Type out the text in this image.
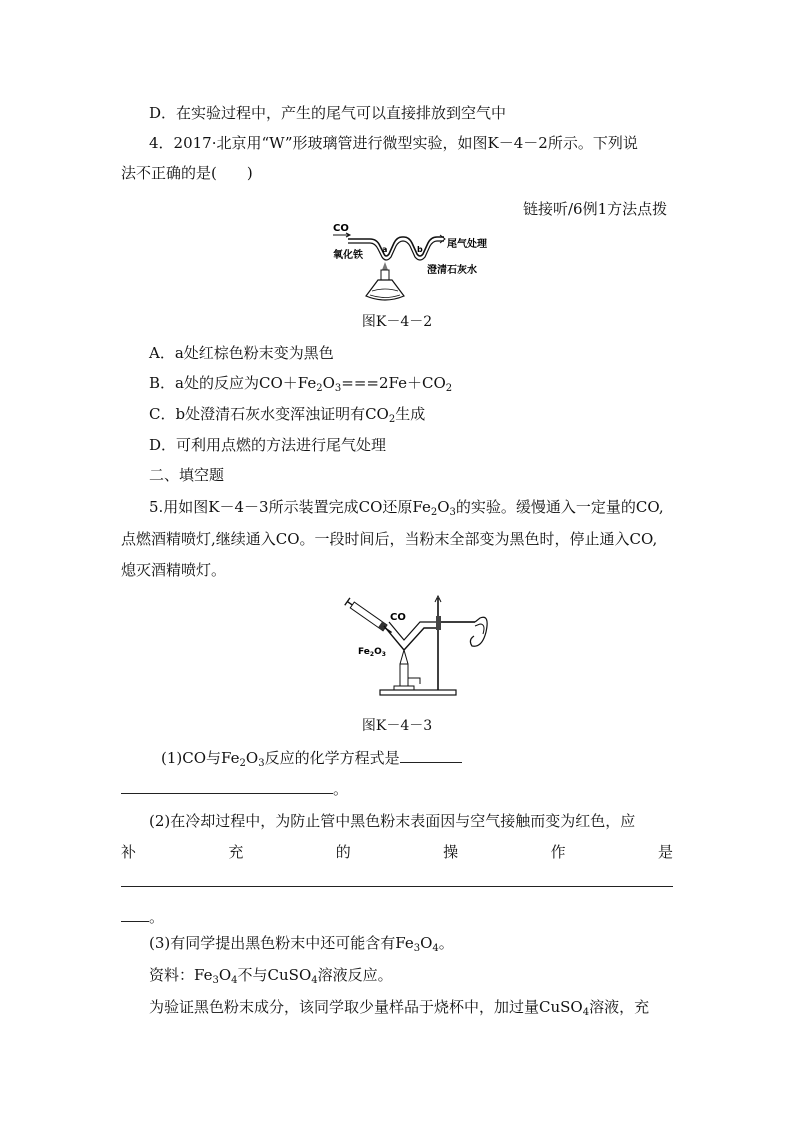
D．在实验过程中，产生的尾气可以直接排放到空气中
4．2017·北京用“W”形玻璃管进行微型实验，如图K－4－2所示。下列说
法不正确的是(　　)
链接听/6例1方法点拨
CO
a	b
氧化铁
尾气处理
澄清石灰水
图K－4－2
A．a处红棕色粉末变为黑色
B．a处的反应为$CO+Fe_2O_3===2Fe+CO_2$
C．b处澄清石灰水变浑浊证明有$CO_2$生成
D．可利用点燃的方法进行尾气处理
二、填空题
5.用如图K－4－3所示装置完成CO还原$Fe_2O_3$的实验。缓慢通入一定量的CO,
点燃酒精喷灯,继续通入CO。一段时间后，当粉末全部变为黑色时，停止通入CO,
熄灭酒精喷灯。
CO
$Fe_2O_3$
图K－4－3
(1)CO与$Fe_2O_3$反应的化学方程式是
。
(2)在冷却过程中，为防止管中黑色粉末表面因与空气接触而变为红色，应
补	充	的	操	作	是
。
(3)有同学提出黑色粉末中还可能含有$Fe_3O_4$。
资料：$Fe_3O_4$不与CuSO$_4$溶液反应。
为验证黑色粉末成分，该同学取少量样品于烧杯中，加过量CuSO$_4$溶液，充
